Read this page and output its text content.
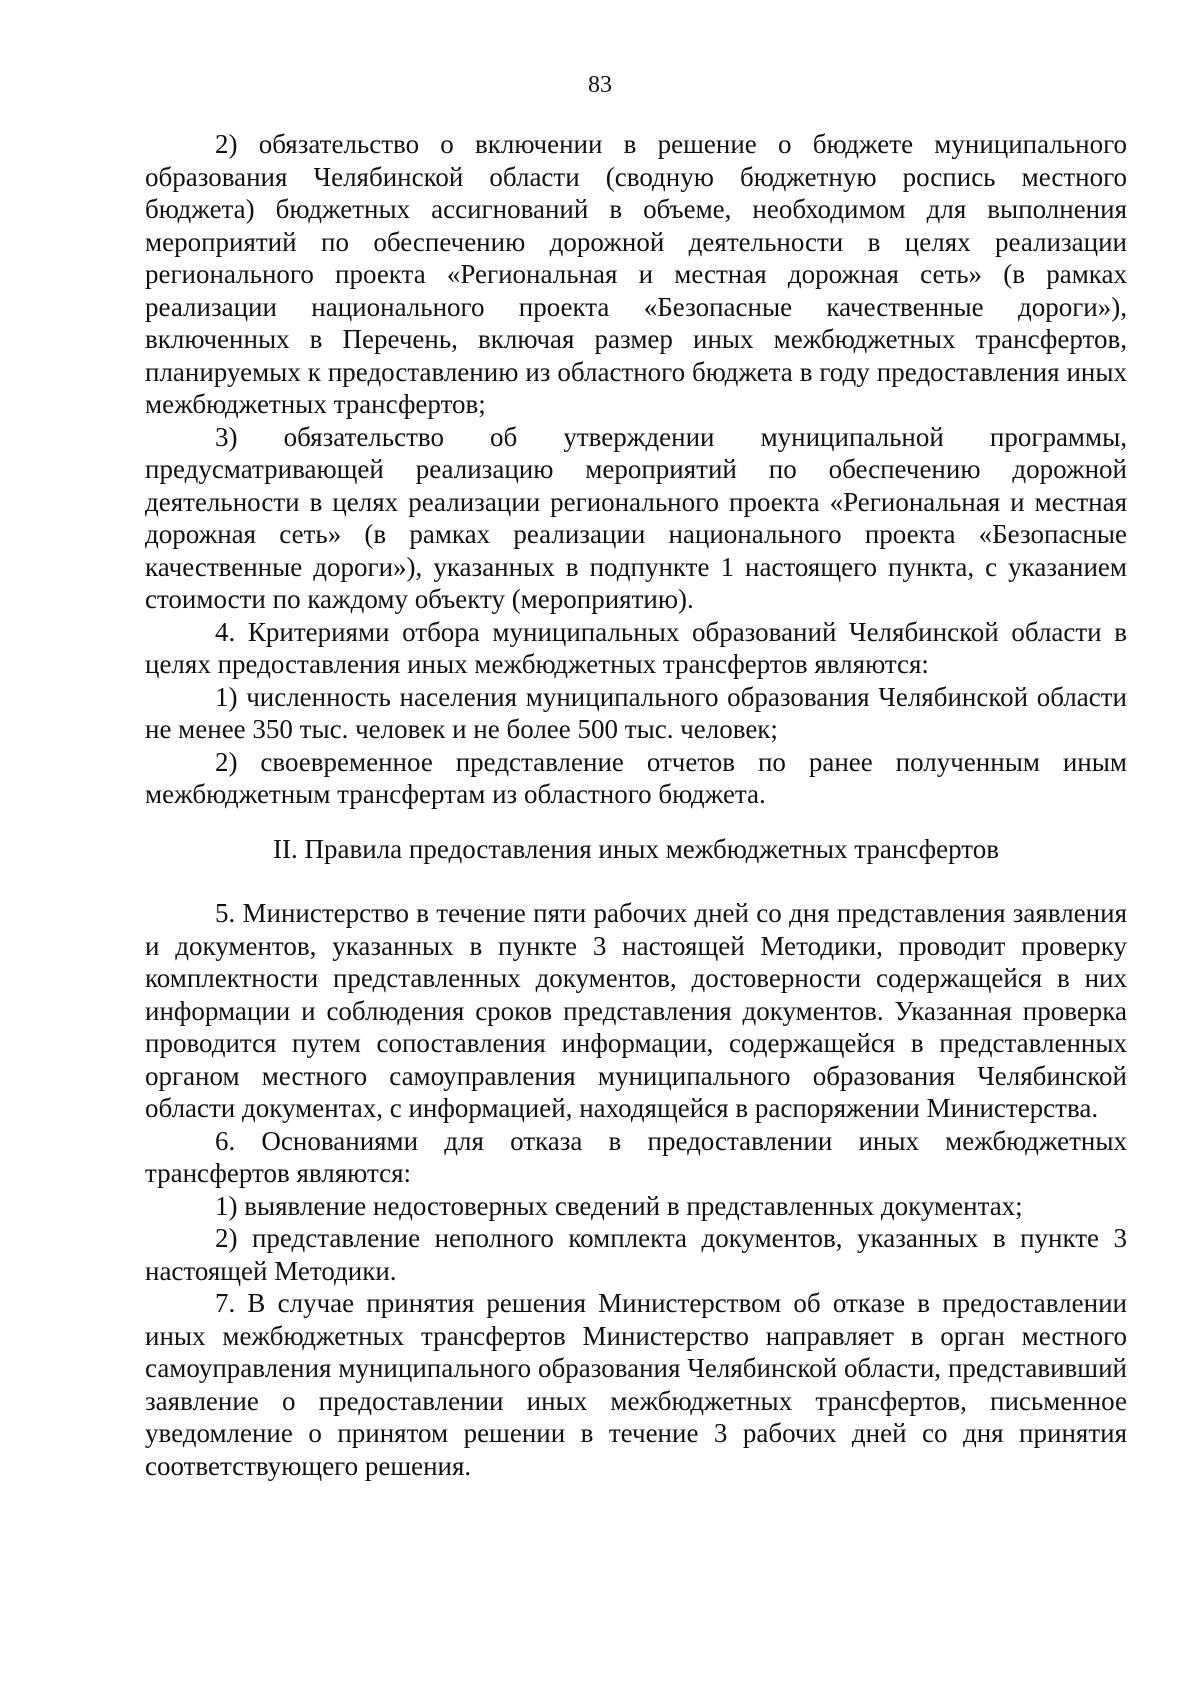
83

2) обязательство о включении в решение о бюджете муниципального образования Челябинской области (сводную бюджетную роспись местного бюджета) бюджетных ассигнований в объеме, необходимом для выполнения мероприятий по обеспечению дорожной деятельности в целях реализации регионального проекта «Региональная и местная дорожная сеть» (в рамках реализации национального проекта «Безопасные качественные дороги»), включенных в Перечень, включая размер иных межбюджетных трансфертов, планируемых к предоставлению из областного бюджета в году предоставления иных межбюджетных трансфертов;

3) обязательство об утверждении муниципальной программы, предусматривающей реализацию мероприятий по обеспечению дорожной деятельности в целях реализации регионального проекта «Региональная и местная дорожная сеть» (в рамках реализации национального проекта «Безопасные качественные дороги»), указанных в подпункте 1 настоящего пункта, с указанием стоимости по каждому объекту (мероприятию).

4. Критериями отбора муниципальных образований Челябинской области в целях предоставления иных межбюджетных трансфертов являются:

1) численность населения муниципального образования Челябинской области не менее 350 тыс. человек и не более 500 тыс. человек;

2) своевременное представление отчетов по ранее полученным иным межбюджетным трансфертам из областного бюджета.

II. Правила предоставления иных межбюджетных трансфертов

5. Министерство в течение пяти рабочих дней со дня представления заявления и документов, указанных в пункте 3 настоящей Методики, проводит проверку комплектности представленных документов, достоверности содержащейся в них информации и соблюдения сроков представления документов. Указанная проверка проводится путем сопоставления информации, содержащейся в представленных органом местного самоуправления муниципального образования Челябинской области документах, с информацией, находящейся в распоряжении Министерства.

6. Основаниями для отказа в предоставлении иных межбюджетных трансфертов являются:

1) выявление недостоверных сведений в представленных документах;

2) представление неполного комплекта документов, указанных в пункте 3 настоящей Методики.

7. В случае принятия решения Министерством об отказе в предоставлении иных межбюджетных трансфертов Министерство направляет в орган местного самоуправления муниципального образования Челябинской области, представивший заявление о предоставлении иных межбюджетных трансфертов, письменное уведомление о принятом решении в течение 3 рабочих дней со дня принятия соответствующего решения.
